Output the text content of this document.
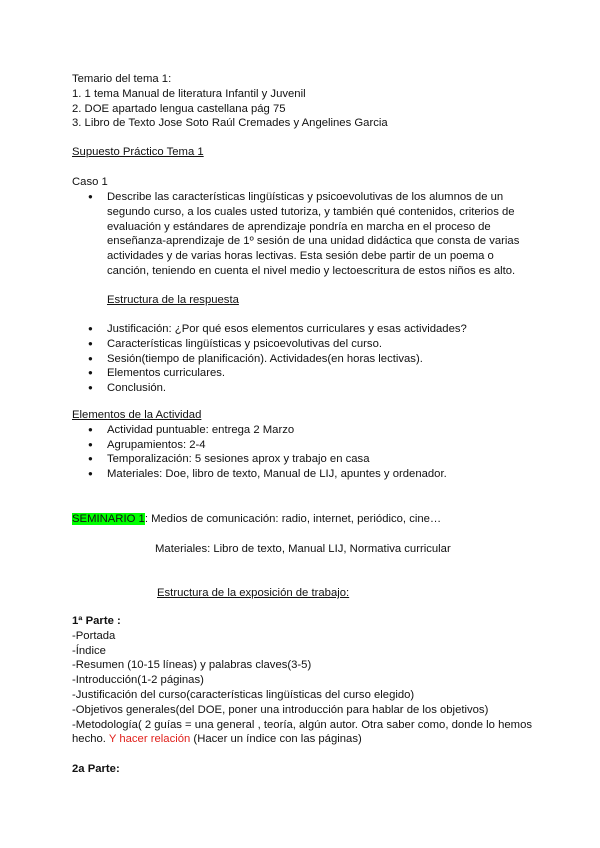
Temario del tema 1:
1. 1 tema Manual de literatura Infantil y Juvenil
2. DOE apartado lengua castellana pág 75
3. Libro de Texto Jose Soto Raúl Cremades y Angelines Garcia
Supuesto Práctico Tema 1
Caso 1
● Describe las características lingüísticas y psicoevolutivas de los alumnos de un
segundo curso, a los cuales usted tutoriza, y también qué contenidos, criterios de
evaluación y estándares de aprendizaje pondría en marcha en el proceso de
enseñanza-aprendizaje de 1º sesión de una unidad didáctica que consta de varias
actividades y de varias horas lectivas. Esta sesión debe partir de un poema o
canción, teniendo en cuenta el nivel medio y lectoescritura de estos niños es alto.
Estructura de la respuesta
● Justificación: ¿Por qué esos elementos curriculares y esas actividades?
● Características lingüísticas y psicoevolutivas del curso.
● Sesión(tiempo de planificación). Actividades(en horas lectivas).
● Elementos curriculares.
● Conclusión.
Elementos de la Actividad
● Actividad puntuable: entrega 2 Marzo
● Agrupamientos: 2-4
● Temporalización: 5 sesiones aprox y trabajo en casa
● Materiales: Doe, libro de texto, Manual de LIJ, apuntes y ordenador.
SEMINARIO 1: Medios de comunicación: radio, internet, periódico, cine…
Materiales: Libro de texto, Manual LIJ, Normativa curricular
Estructura de la exposición de trabajo:
1ª Parte :
-Portada
-Índice
-Resumen (10-15 líneas) y palabras claves(3-5)
-Introducción(1-2 páginas)
-Justificación del curso(características lingüísticas del curso elegido)
-Objetivos generales(del DOE, poner una introducción para hablar de los objetivos)
-Metodología( 2 guías = una general , teoría, algún autor. Otra saber como, donde lo hemos
hecho. Y hacer relación (Hacer un índice con las páginas)
2a Parte:
